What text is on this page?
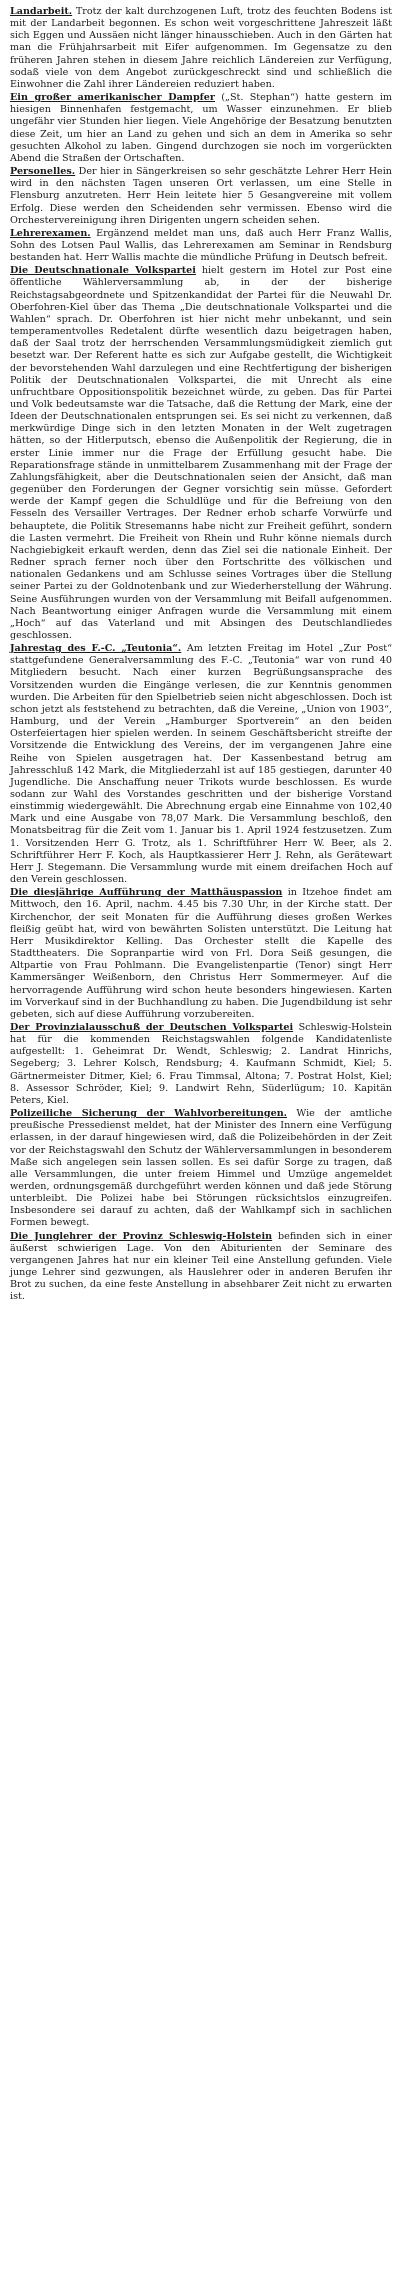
Landarbeit. Trotz der kalt durchzogenen Luft, trotz des feuchten Bodens ist mit der Landarbeit begonnen. Es schon weit vorgeschrittene Jahreszeit läßt sich Eggen und Aussäen nicht länger hinausschieben. Auch in den Gärten hat man die Frühjahrsarbeit mit Eifer aufgenommen. Im Gegensatze zu den früheren Jahren stehen in diesem Jahre reichlich Ländereien zur Verfügung, sodaß viele von dem Angebot zurückgeschreckt sind und schließlich die Einwohner die Zahl ihrer Ländereien reduziert haben.

Ein großer amerikanischer Dampfer („St. Stephan“) hatte gestern im hiesigen Binnenhafen festgemacht, um Wasser einzunehmen. Er blieb ungefähr vier Stunden hier liegen. Viele Angehörige der Besatzung benutzten diese Zeit, um hier an Land zu gehen und sich an dem in Amerika so sehr gesuchten Alkohol zu laben. Gingend durchzogen sie noch im vorgerückten Abend die Straßen der Ortschaften.

Personelles. Der hier in Sängerkreisen so sehr geschätzte Lehrer Herr Hein wird in den nächsten Tagen unseren Ort verlassen, um eine Stelle in Flensburg anzutreten. Herr Hein leitete hier 5 Gesangvereine mit vollem Erfolg. Diese werden den Scheidenden sehr vermissen. Ebenso wird die Orchestervereinigung ihren Dirigenten ungern scheiden sehen.

Lehrerexamen. Ergänzend meldet man uns, daß auch Herr Franz Wallis, Sohn des Lotsen Paul Wallis, das Lehrerexamen am Seminar in Rendsburg bestanden hat. Herr Wallis machte die mündliche Prüfung in Deutsch befreit.

Die Deutschnationale Volkspartei hielt gestern im Hotel zur Post eine öffentliche Wählerversammlung ab, in der der bisherige Reichstagsabgeordnete und Spitzenkandidat der Partei für die Neuwahl Dr. Oberfohren-Kiel über das Thema „Die deutschnationale Volkspartei und die Wahlen“ sprach. Dr. Oberfohren ist hier nicht mehr unbekannt, und sein temperamentvolles Redetalent dürfte wesentlich dazu beigetragen haben, daß der Saal trotz der herrschenden Versammlungsmüdigkeit ziemlich gut besetzt war. Der Referent hatte es sich zur Aufgabe gestellt, die Wichtigkeit der bevorstehenden Wahl darzulegen und eine Rechtfertigung der bisherigen Politik der Deutschnationalen Volkspartei, die mit Unrecht als eine unfruchtbare Oppositionspolitik bezeichnet würde, zu geben. Das für Partei und Volk bedeutsamste war die Tatsache, daß die Rettung der Mark, eine der Ideen der Deutschnationalen entsprungen sei. Es sei nicht zu verkennen, daß merkwürdige Dinge sich in den letzten Monaten in der Welt zugetragen hätten, so der Hitlerputsch, ebenso die Außenpolitik der Regierung, die in erster Linie immer nur die Frage der Erfüllung gesucht habe. Die Reparationsfrage stände in unmittelbarem Zusammenhang mit der Frage der Zahlungsfähigkeit, aber die Deutschnationalen seien der Ansicht, daß man gegenüber den Forderungen der Gegner vorsichtig sein müsse. Gefordert werde der Kampf gegen die Schuldlüge und für die Befreiung von den Fesseln des Versailler Vertrages. Der Redner erhob scharfe Vorwürfe und behauptete, die Politik Stresemanns habe nicht zur Freiheit geführt, sondern die Lasten vermehrt. Die Freiheit von Rhein und Ruhr könne niemals durch Nachgiebigkeit erkauft werden, denn das Ziel sei die nationale Einheit. Der Redner sprach ferner noch über den Fortschritte des völkischen und nationalen Gedankens und am Schlusse seines Vortrages über die Stellung seiner Partei zu der Goldnotenbank und zur Wiederherstellung der Währung. Seine Ausführungen wurden von der Versammlung mit Beifall aufgenommen. Nach Beantwortung einiger Anfragen wurde die Versammlung mit einem „Hoch“ auf das Vaterland und mit Absingen des Deutschlandliedes geschlossen.

Jahrestag des F.-C. „Teutonia“. Am letzten Freitag im Hotel „Zur Post“ stattgefundene Generalversammlung des F.-C. „Teutonia“ war von rund 40 Mitgliedern besucht. Nach einer kurzen Begrüßungsansprache des Vorsitzenden wurden die Eingänge verlesen, die zur Kenntnis genommen wurden. Die Arbeiten für den Spielbetrieb seien nicht abgeschlossen. Doch ist schon jetzt als feststehend zu betrachten, daß die Vereine, „Union von 1903“, Hamburg, und der Verein „Hamburger Sportverein“ an den beiden Osterfeiertagen hier spielen werden. In seinem Geschäftsbericht streifte der Vorsitzende die Entwicklung des Vereins, der im vergangenen Jahre eine Reihe von Spielen ausgetragen hat. Der Kassenbestand betrug am Jahresschluß 142 Mark, die Mitgliederzahl ist auf 185 gestiegen, darunter 40 Jugendliche. Die Anschaffung neuer Trikots wurde beschlossen. Es wurde sodann zur Wahl des Vorstandes geschritten und der bisherige Vorstand einstimmig wiedergewählt. Die Abrechnung ergab eine Einnahme von 102,40 Mark und eine Ausgabe von 78,07 Mark. Die Versammlung beschloß, den Monatsbeitrag für die Zeit vom 1. Januar bis 1. April 1924 festzusetzen. Zum 1. Vorsitzenden Herr G. Trotz, als 1. Schriftführer Herr W. Beer, als 2. Schriftführer Herr F. Koch, als Hauptkassierer Herr J. Rehn, als Gerätewart Herr J. Stegemann. Die Versammlung wurde mit einem dreifachen Hoch auf den Verein geschlossen.

Die diesjährige Aufführung der Matthäuspassion in Itzehoe findet am Mittwoch, den 16. April, nachm. 4.45 bis 7.30 Uhr, in der Kirche statt. Der Kirchenchor, der seit Monaten für die Aufführung dieses großen Werkes fleißig geübt hat, wird von bewährten Solisten unterstützt. Die Leitung hat Herr Musikdirektor Kelling. Das Orchester stellt die Kapelle des Stadttheaters. Die Sopranpartie wird von Frl. Dora Seiß gesungen, die Altpartie von Frau Pohlmann. Die Evangelistenpartie (Tenor) singt Herr Kammersänger Weißenborn, den Christus Herr Sommermeyer. Auf die hervorragende Aufführung wird schon heute besonders hingewiesen. Karten im Vorverkauf sind in der Buchhandlung zu haben. Die Jugendbildung ist sehr gebeten, sich auf diese Aufführung vorzubereiten.

Der Provinzialausschuß der Deutschen Volkspartei Schleswig-Holstein hat für die kommenden Reichstagswahlen folgende Kandidatenliste aufgestellt: 1. Geheimrat Dr. Wendt, Schleswig; 2. Landrat Hinrichs, Segeberg; 3. Lehrer Kolsch, Rendsburg; 4. Kaufmann Schmidt, Kiel; 5. Gärtnermeister Ditmer, Kiel; 6. Frau Timmsal, Altona; 7. Postrat Holst, Kiel; 8. Assessor Schröder, Kiel; 9. Landwirt Rehn, Süderlügum; 10. Kapitän Peters, Kiel.

Polizeiliche Sicherung der Wahlvorbereitungen. Wie der amtliche preußische Pressedienst meldet, hat der Minister des Innern eine Verfügung erlassen, in der darauf hingewiesen wird, daß die Polizeibehörden in der Zeit vor der Reichstagswahl den Schutz der Wählerversammlungen in besonderem Maße sich angelegen sein lassen sollen. Es sei dafür Sorge zu tragen, daß alle Versammlungen, die unter freiem Himmel und Umzüge angemeldet werden, ordnungsgemäß durchgeführt werden können und daß jede Störung unterbleibt. Die Polizei habe bei Störungen rücksichtslos einzugreifen. Insbesondere sei darauf zu achten, daß der Wahlkampf sich in sachlichen Formen bewegt.

Die Junglehrer der Provinz Schleswig-Holstein befinden sich in einer äußerst schwierigen Lage. Von den Abiturienten der Seminare des vergangenen Jahres hat nur ein kleiner Teil eine Anstellung gefunden. Viele junge Lehrer sind gezwungen, als Hauslehrer oder in anderen Berufen ihr Brot zu suchen, da eine feste Anstellung in absehbarer Zeit nicht zu erwarten ist.
